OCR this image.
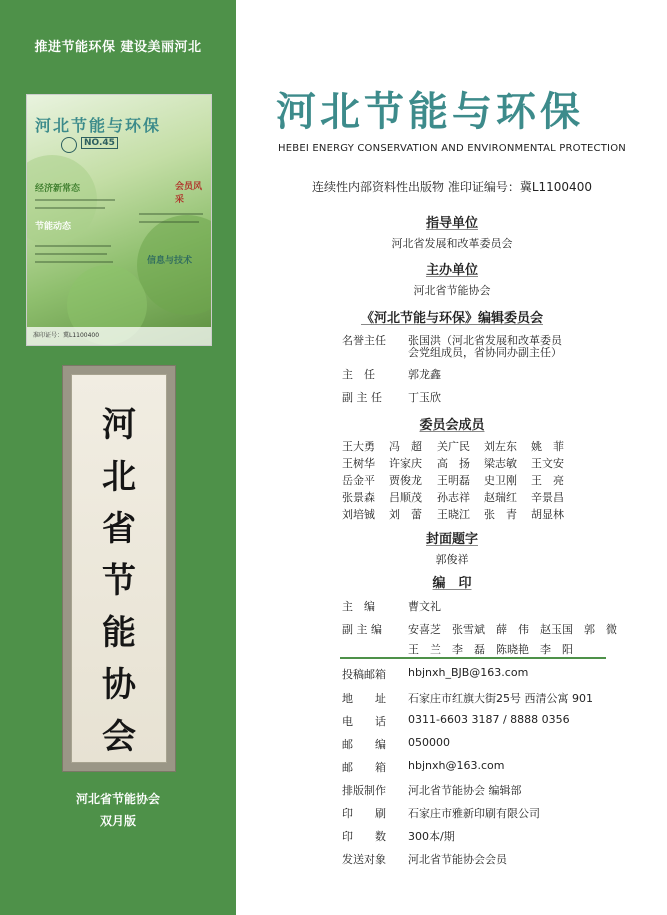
推进节能环保 建设美丽河北
河北节能与环保
NO.45
经济新常态
节能动态
会员风采
信息与技术
准印证号：冀L1100400
河
北
省
节
能
协
会
河北省节能协会
双月版
河北节能与环保
HEBEI ENERGY CONSERVATION AND ENVIRONMENTAL PROTECTION
连续性内部资料性出版物 准印证编号：冀L1100400
指导单位
河北省发展和改革委员会
主办单位
河北省节能协会
《河北节能与环保》编辑委员会
名誉主任 张国洪（河北省发展和改革委员
会党组成员，省协同办副主任）
主　任	郭龙鑫
副 主 任 丁玉欣
委员会成员
王大勇 冯　超 关广民 刘左东 姚　菲
王树华 许家庆 高　扬 梁志敏 王文安
岳金平 贾俊龙 王明磊 史卫刚 王　亮
张景森 吕顺茂 孙志祥 赵瑞红 辛景昌
刘培铖 刘　蕾 王晓江 张　青 胡显林
封面题字
郭俊祥
编　印
主　编	曹文礼
副 主 编 安喜芝　张雪斌　薛　伟　赵玉国　郭　微
王　兰　李　磊　陈晓艳　李　阳
投稿邮箱 hbjnxh_BJB@163.com
地　　址 石家庄市红旗大街25号 西清公寓 901
电　　话 0311-6603 3187 / 8888 0356
邮　　编 050000
邮　　箱 hbjnxh@163.com
排版制作 河北省节能协会 编辑部
印　　刷 石家庄市雅新印刷有限公司
印　　数 300本/期
发送对象 河北省节能协会会员
